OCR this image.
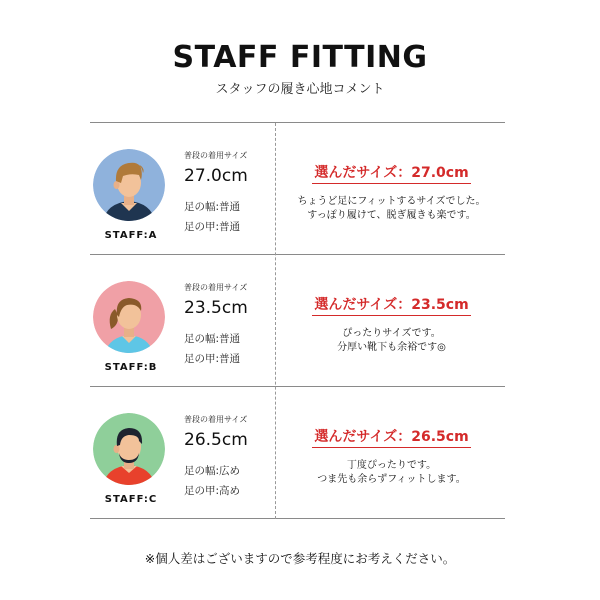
STAFF FITTING
スタッフの履き心地コメント
STAFF:A
普段の着用サイズ
27.0cm
足の幅:普通
足の甲:普通
選んだサイズ：27.0cm
ちょうど足にフィットするサイズでした。
すっぽり履けて、脱ぎ履きも楽です。
STAFF:B
普段の着用サイズ
23.5cm
足の幅:普通
足の甲:普通
選んだサイズ：23.5cm
ぴったりサイズです。
分厚い靴下も余裕です◎
STAFF:C
普段の着用サイズ
26.5cm
足の幅:広め
足の甲:高め
選んだサイズ：26.5cm
丁度ぴったりです。
つま先も余らずフィットします。
※個人差はございますので参考程度にお考えください。
